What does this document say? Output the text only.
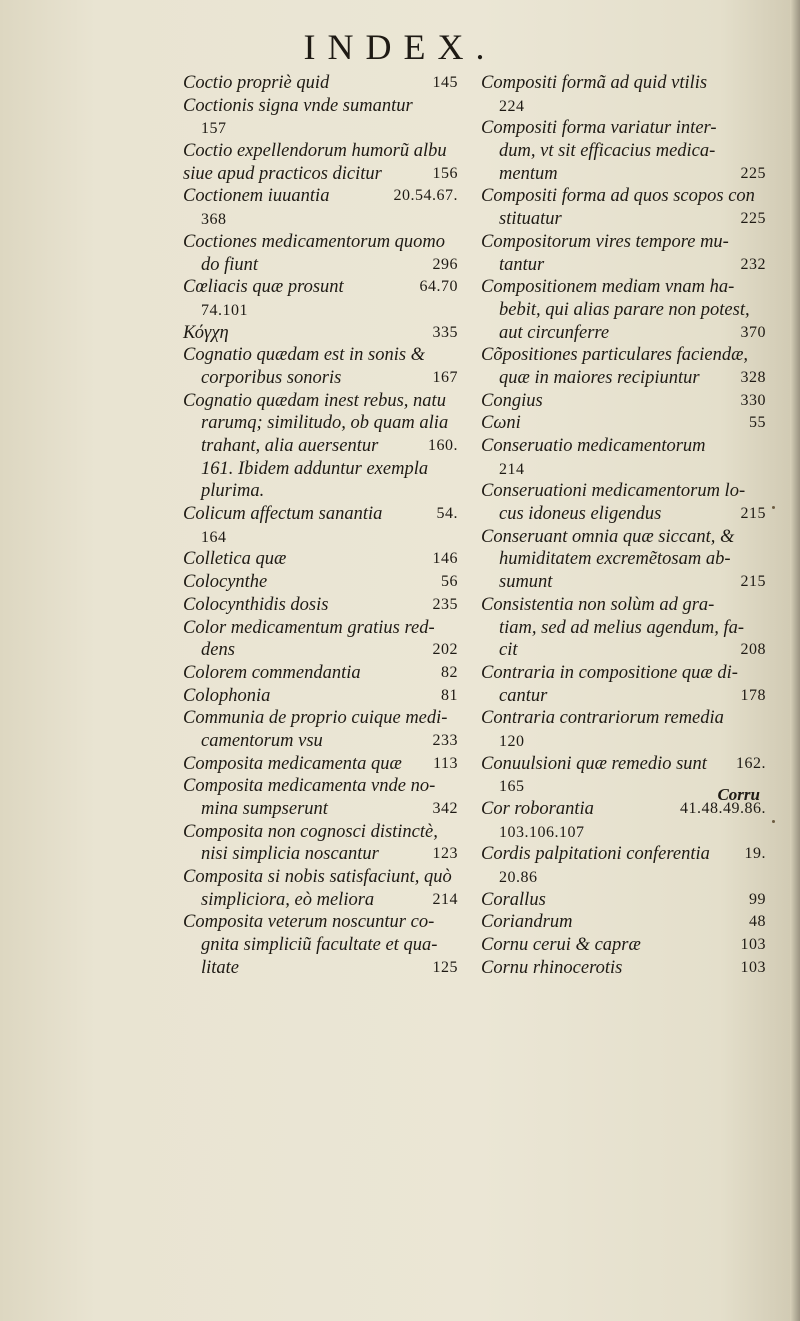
INDEX.
Coctio propriè quid	145
Coctionis signa vnde sumantur
157
Coctio expellendorum humorũ albu
siue apud practicos dicitur	156
Coctionem iuuantia	20.54.67.
368
Coctiones medicamentorum quomo
do fiunt	296
Cœliacis quæ prosunt	64.70
74.101
Κόγχη	335
Cognatio quædam est in sonis &
corporibus sonoris	167
Cognatio quædam inest rebus, natu
rarumq; similitudo, ob quam alia
trahant, alia auersentur	160.
161. Ibidem adduntur exempla
plurima.
Colicum affectum sanantia	54.
164
Colletica quæ	146
Colocynthe	56
Colocynthidis dosis	235
Color medicamentum gratius red-
dens	202
Colorem commendantia	82
Colophonia	81
Communia de proprio cuique medi-
camentorum vsu	233
Composita medicamenta quæ 113
Composita medicamenta vnde no-
mina sumpserunt	342
Composita non cognosci distinctè,
nisi simplicia noscantur	123
Composita si nobis satisfaciunt, quò
simpliciora, eò meliora	214
Composita veterum noscuntur co-
gnita simpliciũ facultate et qua-
litate	125
Compositi formã ad quid vtilis
224
Compositi forma variatur inter-
dum, vt sit efficacius medica-
mentum	225
Compositi forma ad quos scopos con
stituatur	225
Compositorum vires tempore mu-
tantur	232
Compositionem mediam vnam ha-
bebit, qui alias parare non potest,
aut circunferre	370
Cõpositiones particulares faciendæ,
quæ in maiores recipiuntur	328
Congius	330
Cωni	55
Conseruatio medicamentorum
214
Conseruationi medicamentorum lo-
cus idoneus eligendus	215
Conseruant omnia quæ siccant, &
humiditatem excremẽtosam ab-
sumunt	215
Consistentia non solùm ad gra-
tiam, sed ad melius agendum, fa-
cit	208
Contraria in compositione quæ di-
cantur	178
Contraria contrariorum remedia
120
Conuulsioni quæ remedio sunt 162.
165
Cor roborantia	41.48.49.86.
103.106.107
Cordis palpitationi conferentia 19.
20.86
Corallus	99
Coriandrum	48
Cornu cerui & capræ	103
Cornu rhinocerotis	103
Corru
